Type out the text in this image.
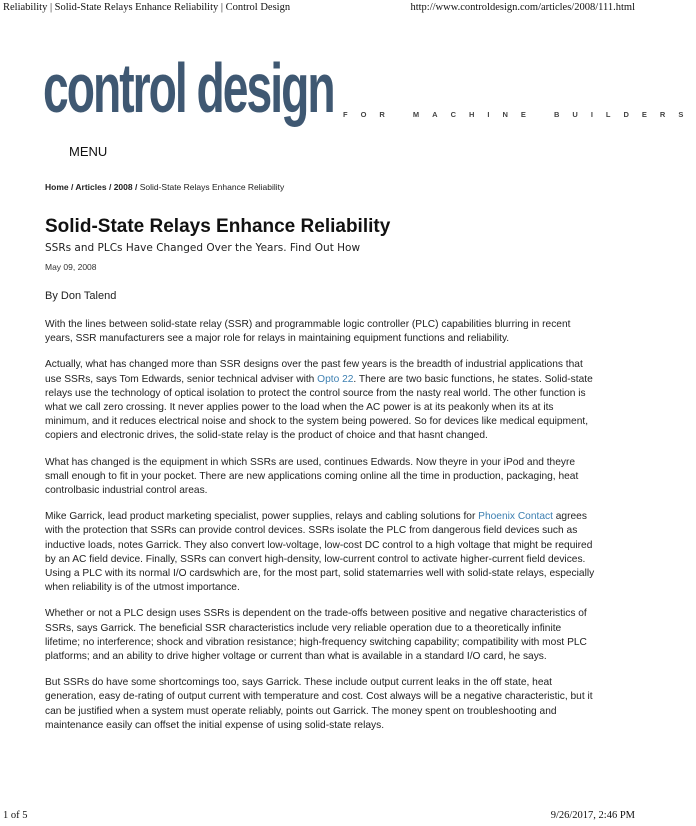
Reliability | Solid-State Relays Enhance Reliability | Control Design	http://www.controldesign.com/articles/2008/111.html
control design FOR MACHINE BUILDERS
MENU
Home / Articles / 2008 / Solid-State Relays Enhance Reliability
Solid-State Relays Enhance Reliability
SSRs and PLCs Have Changed Over the Years. Find Out How
May 09, 2008
By Don Talend

With the lines between solid-state relay (SSR) and programmable logic controller (PLC) capabilities blurring in recent years, SSR manufacturers see a major role for relays in maintaining equipment functions and reliability.

Actually, what has changed more than SSR designs over the past few years is the breadth of industrial applications that use SSRs, says Tom Edwards, senior technical adviser with Opto 22. There are two basic functions, he states. Solid-state relays use the technology of optical isolation to protect the control source from the nasty real world. The other function is what we call zero crossing. It never applies power to the load when the AC power is at its peakonly when its at its minimum, and it reduces electrical noise and shock to the system being powered. So for devices like medical equipment, copiers and electronic drives, the solid-state relay is the product of choice and that hasnt changed.

What has changed is the equipment in which SSRs are used, continues Edwards. Now theyre in your iPod and theyre small enough to fit in your pocket. There are new applications coming online all the time in production, packaging, heat controlbasic industrial control areas.

Mike Garrick, lead product marketing specialist, power supplies, relays and cabling solutions for Phoenix Contact agrees with the protection that SSRs can provide control devices. SSRs isolate the PLC from dangerous field devices such as inductive loads, notes Garrick. They also convert low-voltage, low-cost DC control to a high voltage that might be required by an AC field device. Finally, SSRs can convert high-density, low-current control to activate higher-current field devices. Using a PLC with its normal I/O cardswhich are, for the most part, solid statemarries well with solid-state relays, especially when reliability is of the utmost importance.

Whether or not a PLC design uses SSRs is dependent on the trade-offs between positive and negative characteristics of SSRs, says Garrick. The beneficial SSR characteristics include very reliable operation due to a theoretically infinite lifetime; no interference; shock and vibration resistance; high-frequency switching capability; compatibility with most PLC platforms; and an ability to drive higher voltage or current than what is available in a standard I/O card, he says.

But SSRs do have some shortcomings too, says Garrick. These include output current leaks in the off state, heat generation, easy de-rating of output current with temperature and cost. Cost always will be a negative characteristic, but it can be justified when a system must operate reliably, points out Garrick. The money spent on troubleshooting and maintenance easily can offset the initial expense of using solid-state relays.

1 of 5	9/26/2017, 2:46 PM
